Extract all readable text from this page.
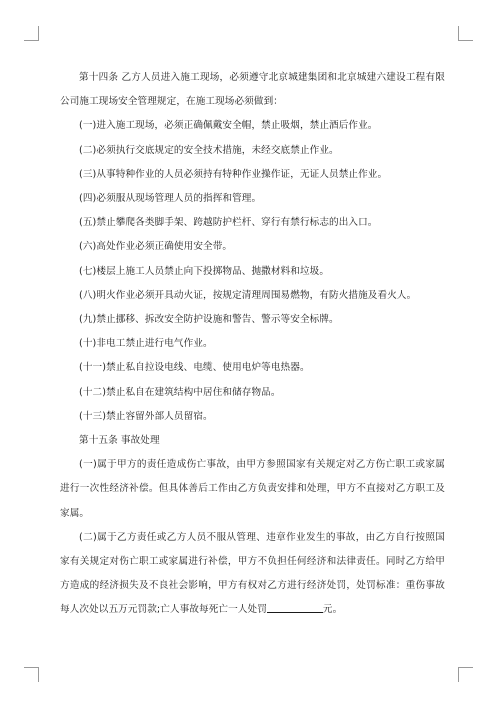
第十四条 乙方人员进入施工现场，必须遵守北京城建集团和北京城建六建设工程有限公司施工现场安全管理规定，在施工现场必须做到：

(一)进入施工现场，必须正确佩戴安全帽，禁止吸烟，禁止酒后作业。

(二)必须执行交底规定的安全技术措施，未经交底禁止作业。

(三)从事特种作业的人员必须持有特种作业操作证，无证人员禁止作业。

(四)必须服从现场管理人员的指挥和管理。

(五)禁止攀爬各类脚手架、跨越防护栏杆、穿行有禁行标志的出入口。

(六)高处作业必须正确使用安全带。

(七)楼层上施工人员禁止向下投掷物品、抛撒材料和垃圾。

(八)明火作业必须开具动火证，按规定清理周围易燃物，有防火措施及看火人。

(九)禁止挪移、拆改安全防护设施和警告、警示等安全标牌。

(十)非电工禁止进行电气作业。

(十一)禁止私自拉设电线、电缆、使用电炉等电热器。

(十二)禁止私自在建筑结构中居住和储存物品。

(十三)禁止容留外部人员留宿。

第十五条 事故处理

(一)属于甲方的责任造成伤亡事故，由甲方参照国家有关规定对乙方伤亡职工或家属进行一次性经济补偿。但具体善后工作由乙方负责安排和处理，甲方不直接对乙方职工及家属。

(二)属于乙方责任或乙方人员不服从管理、违章作业发生的事故，由乙方自行按照国家有关规定对伤亡职工或家属进行补偿，甲方不负担任何经济和法律责任。同时乙方给甲方造成的经济损失及不良社会影响，甲方有权对乙方进行经济处罚，处罚标准：重伤事故每人次处以五万元罚款;亡人事故每死亡一人处罚	元。
